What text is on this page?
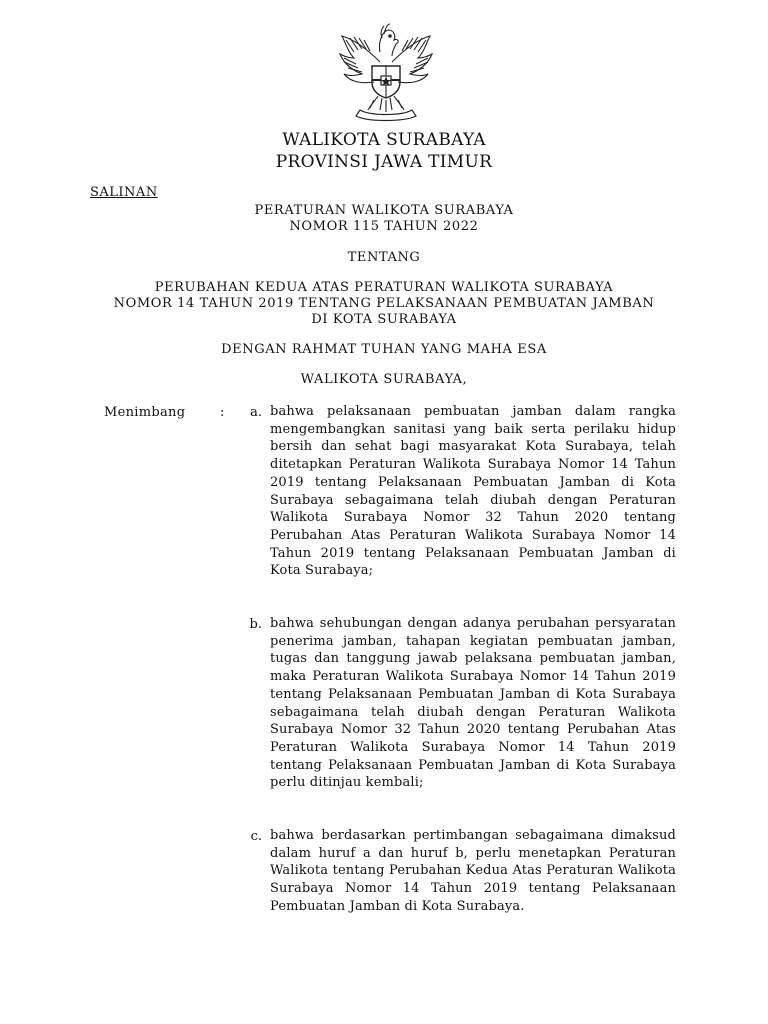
WALIKOTA SURABAYA
PROVINSI JAWA TIMUR
SALINAN
PERATURAN WALIKOTA SURABAYA
NOMOR 115 TAHUN 2022
TENTANG
PERUBAHAN KEDUA ATAS PERATURAN WALIKOTA SURABAYA
NOMOR 14 TAHUN 2019 TENTANG PELAKSANAAN PEMBUATAN JAMBAN
DI KOTA SURABAYA
DENGAN RAHMAT TUHAN YANG MAHA ESA
WALIKOTA SURABAYA,
Menimbang	:	a. bahwa pelaksanaan pembuatan jamban dalam rangka mengembangkan sanitasi yang baik serta perilaku hidup bersih dan sehat bagi masyarakat Kota Surabaya, telah ditetapkan Peraturan Walikota Surabaya Nomor 14 Tahun 2019 tentang Pelaksanaan Pembuatan Jamban di Kota Surabaya sebagaimana telah diubah dengan Peraturan Walikota Surabaya Nomor 32 Tahun 2020 tentang Perubahan Atas Peraturan Walikota Surabaya Nomor 14 Tahun 2019 tentang Pelaksanaan Pembuatan Jamban di Kota Surabaya;
b. bahwa sehubungan dengan adanya perubahan persyaratan penerima jamban, tahapan kegiatan pembuatan jamban, tugas dan tanggung jawab pelaksana pembuatan jamban, maka Peraturan Walikota Surabaya Nomor 14 Tahun 2019 tentang Pelaksanaan Pembuatan Jamban di Kota Surabaya sebagaimana telah diubah dengan Peraturan Walikota Surabaya Nomor 32 Tahun 2020 tentang Perubahan Atas Peraturan Walikota Surabaya Nomor 14 Tahun 2019 tentang Pelaksanaan Pembuatan Jamban di Kota Surabaya perlu ditinjau kembali;
c. bahwa berdasarkan pertimbangan sebagaimana dimaksud dalam huruf a dan huruf b, perlu menetapkan Peraturan Walikota tentang Perubahan Kedua Atas Peraturan Walikota Surabaya Nomor 14 Tahun 2019 tentang Pelaksanaan Pembuatan Jamban di Kota Surabaya.
